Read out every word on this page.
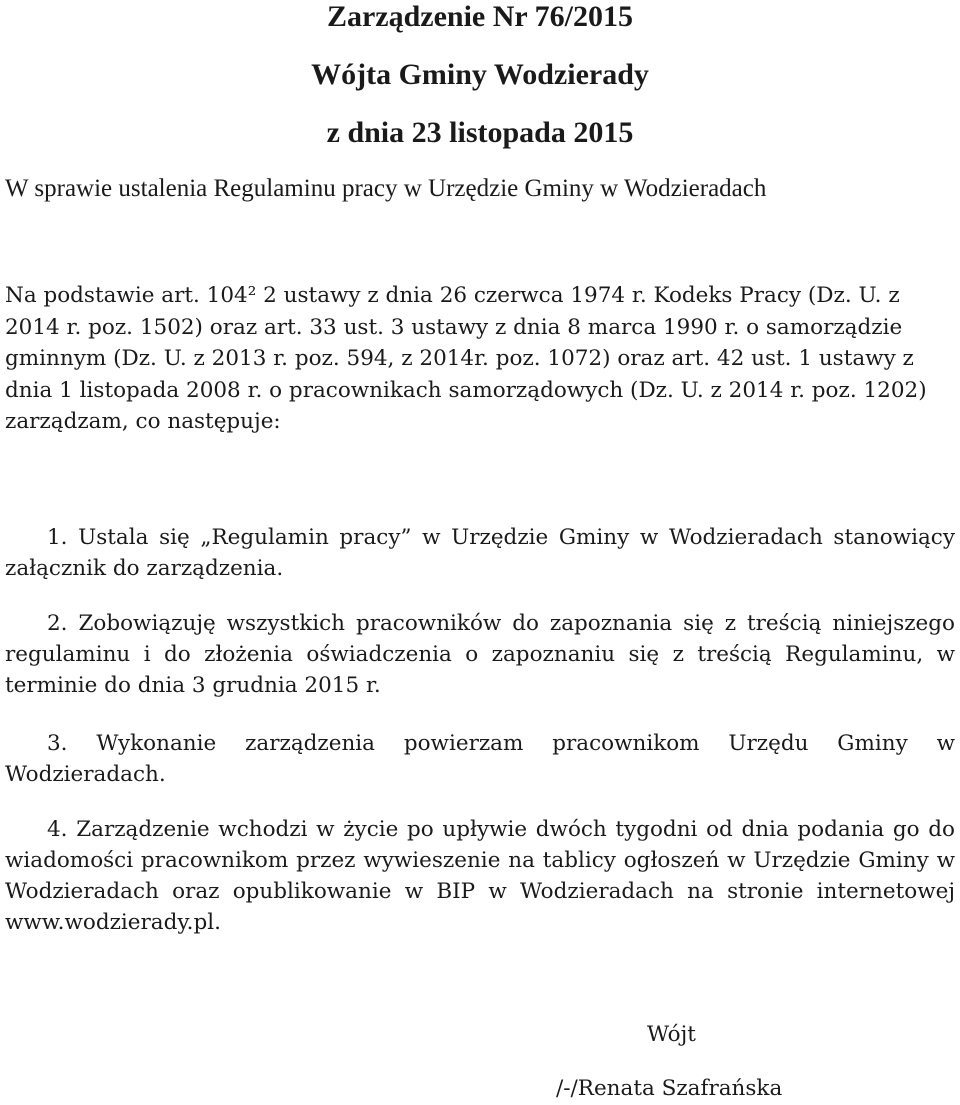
Zarządzenie Nr 76/2015
Wójta Gminy Wodzierady
z dnia 23 listopada 2015

W sprawie ustalenia Regulaminu pracy w Urzędzie Gminy w Wodzieradach

Na podstawie art. 104² 2 ustawy z dnia 26 czerwca 1974 r. Kodeks Pracy (Dz. U. z 2014 r. poz. 1502) oraz art. 33 ust. 3 ustawy z dnia 8 marca 1990 r. o samorządzie gminnym (Dz. U. z 2013 r. poz. 594, z 2014r. poz. 1072) oraz art. 42 ust. 1 ustawy z dnia 1 listopada 2008 r. o pracownikach samorządowych (Dz. U. z 2014 r. poz. 1202) zarządzam, co następuje:

1. Ustala się „Regulamin pracy” w Urzędzie Gminy w Wodzieradach stanowiący załącznik do zarządzenia.

2. Zobowiązuję wszystkich pracowników do zapoznania się z treścią niniejszego regulaminu i do złożenia oświadczenia o zapoznaniu się z treścią Regulaminu, w terminie do dnia 3 grudnia 2015 r.

3. Wykonanie zarządzenia powierzam pracownikom Urzędu Gminy w Wodzieradach.

4. Zarządzenie wchodzi w życie po upływie dwóch tygodni od dnia podania go do wiadomości pracownikom przez wywieszenie na tablicy ogłoszeń w Urzędzie Gminy w Wodzieradach oraz opublikowanie w BIP w Wodzieradach na stronie internetowej www.wodzierady.pl.

Wójt

/-/Renata Szafrańska
